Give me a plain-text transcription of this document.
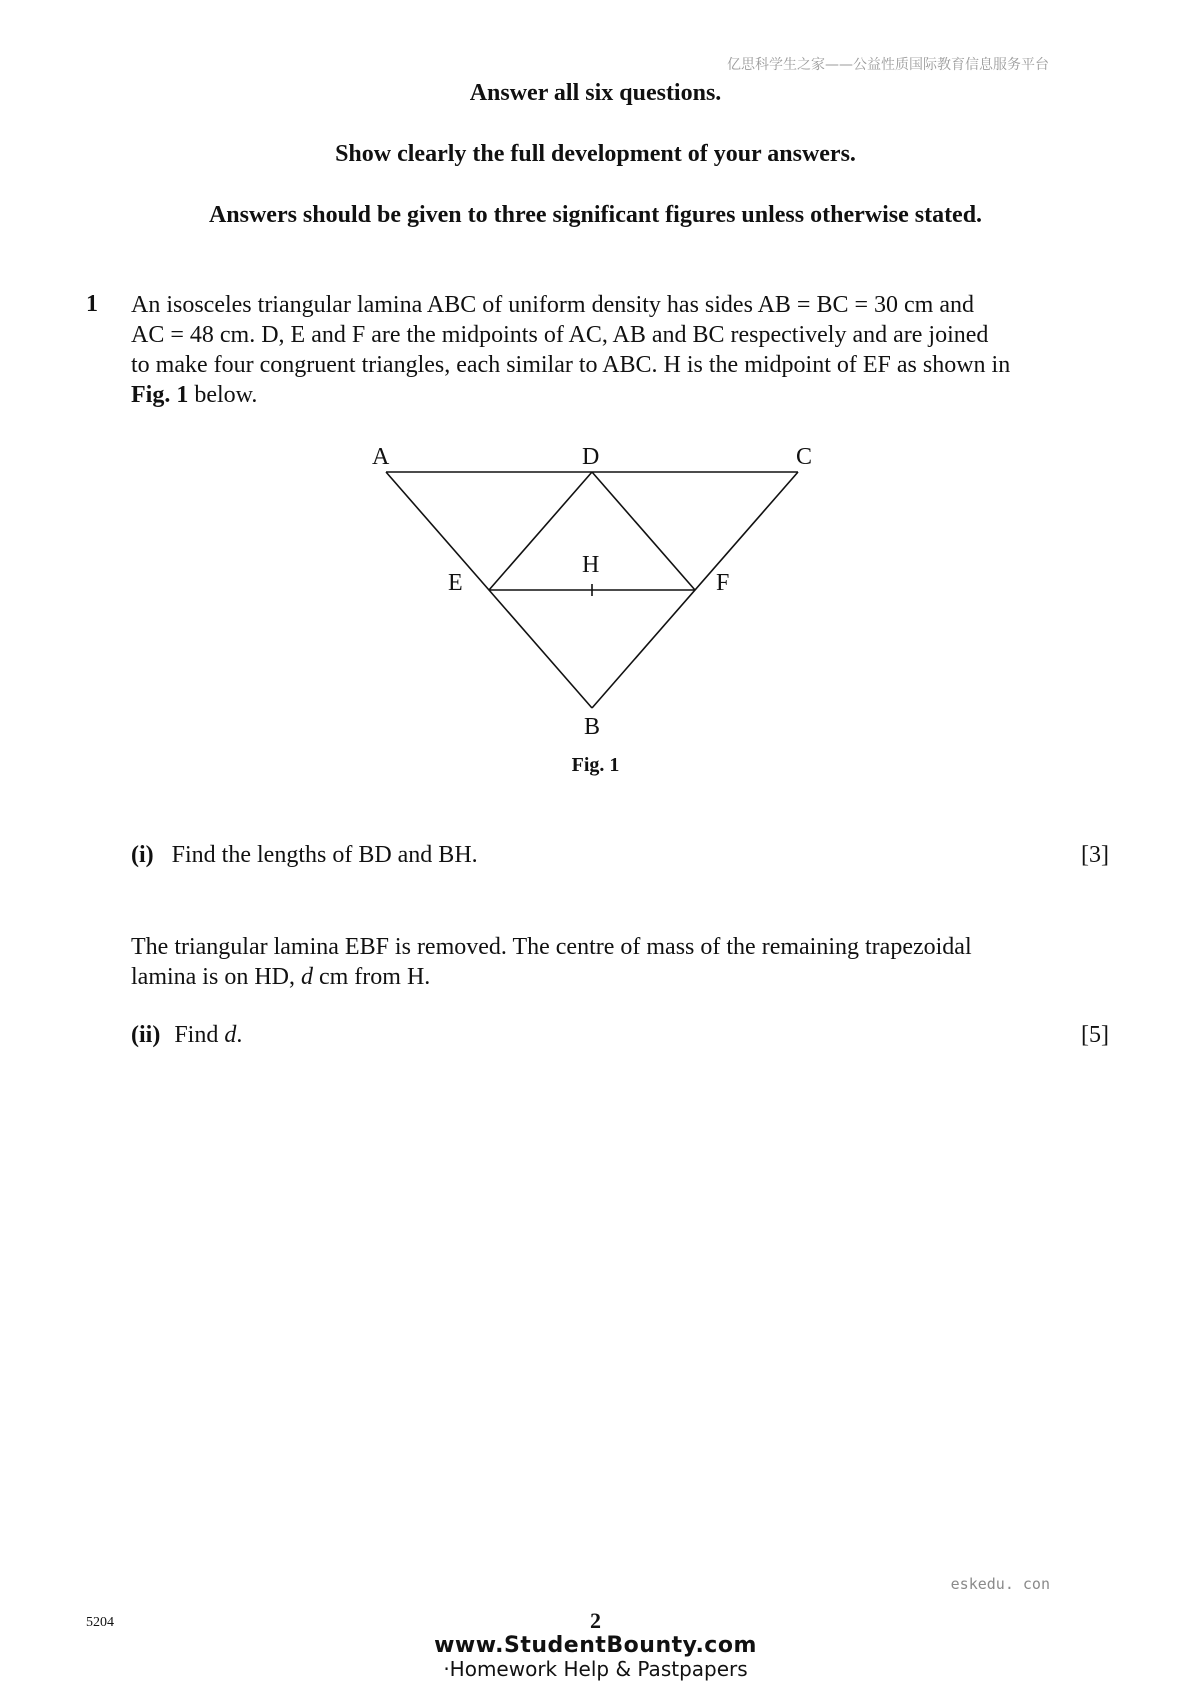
亿思科学生之家——公益性质国际教育信息服务平台
Answer all six questions.
Show clearly the full development of your answers.
Answers should be given to three significant figures unless otherwise stated.
1 An isosceles triangular lamina ABC of uniform density has sides AB = BC = 30 cm and
AC = 48 cm. D, E and F are the midpoints of AC, AB and BC respectively and are joined
to make four congruent triangles, each similar to ABC. H is the midpoint of EF as shown in
Fig. 1 below.
A	D	C
H
E	F
B
Fig. 1
(i) Find the lengths of BD and BH.	[3]
The triangular lamina EBF is removed. The centre of mass of the remaining trapezoidal
lamina is on HD, d cm from H.
(ii) Find d.	[5]
eskedu. con
5204	2
www.StudentBounty.com
·Homework Help & Pastpapers
